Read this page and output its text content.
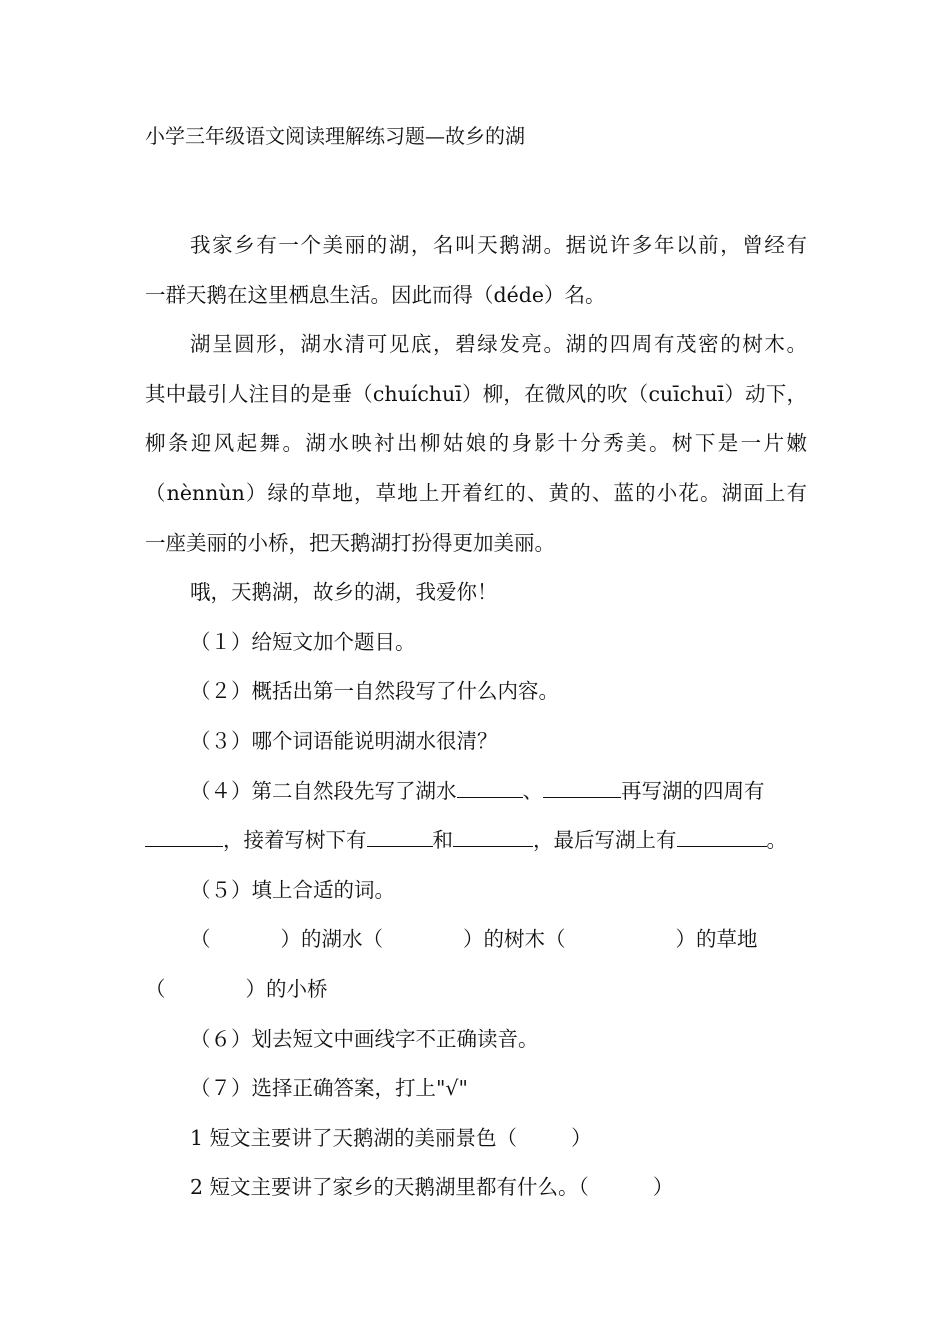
小学三年级语文阅读理解练习题—故乡的湖
我家乡有一个美丽的湖，名叫天鹅湖。据说许多年以前，曾经有
一群天鹅在这里栖息生活。因此而得（déde）名。
湖呈圆形，湖水清可见底，碧绿发亮。湖的四周有茂密的树木。
其中最引人注目的是垂（chuíchuī）柳，在微风的吹（cuīchuī）动下，
柳条迎风起舞。湖水映衬出柳姑娘的身影十分秀美。树下是一片嫩
（nènnùn）绿的草地，草地上开着红的、黄的、蓝的小花。湖面上有
一座美丽的小桥，把天鹅湖打扮得更加美丽。
哦，天鹅湖，故乡的湖，我爱你！
（１）给短文加个题目。
（２）概括出第一自然段写了什么内容。
（３）哪个词语能说明湖水很清？
（４）第二自然段先写了湖水	、	再写湖的四周有
，接着写树下有	和	，最后写湖上有	。
（５）填上合适的词。
（	）的湖水（	）的树木（	）的草地
（	）的小桥
（６）划去短文中画线字不正确读音。
（７）选择正确答案，打上"√"
1 短文主要讲了天鹅湖的美丽景色（	）
2 短文主要讲了家乡的天鹅湖里都有什么。（	）
